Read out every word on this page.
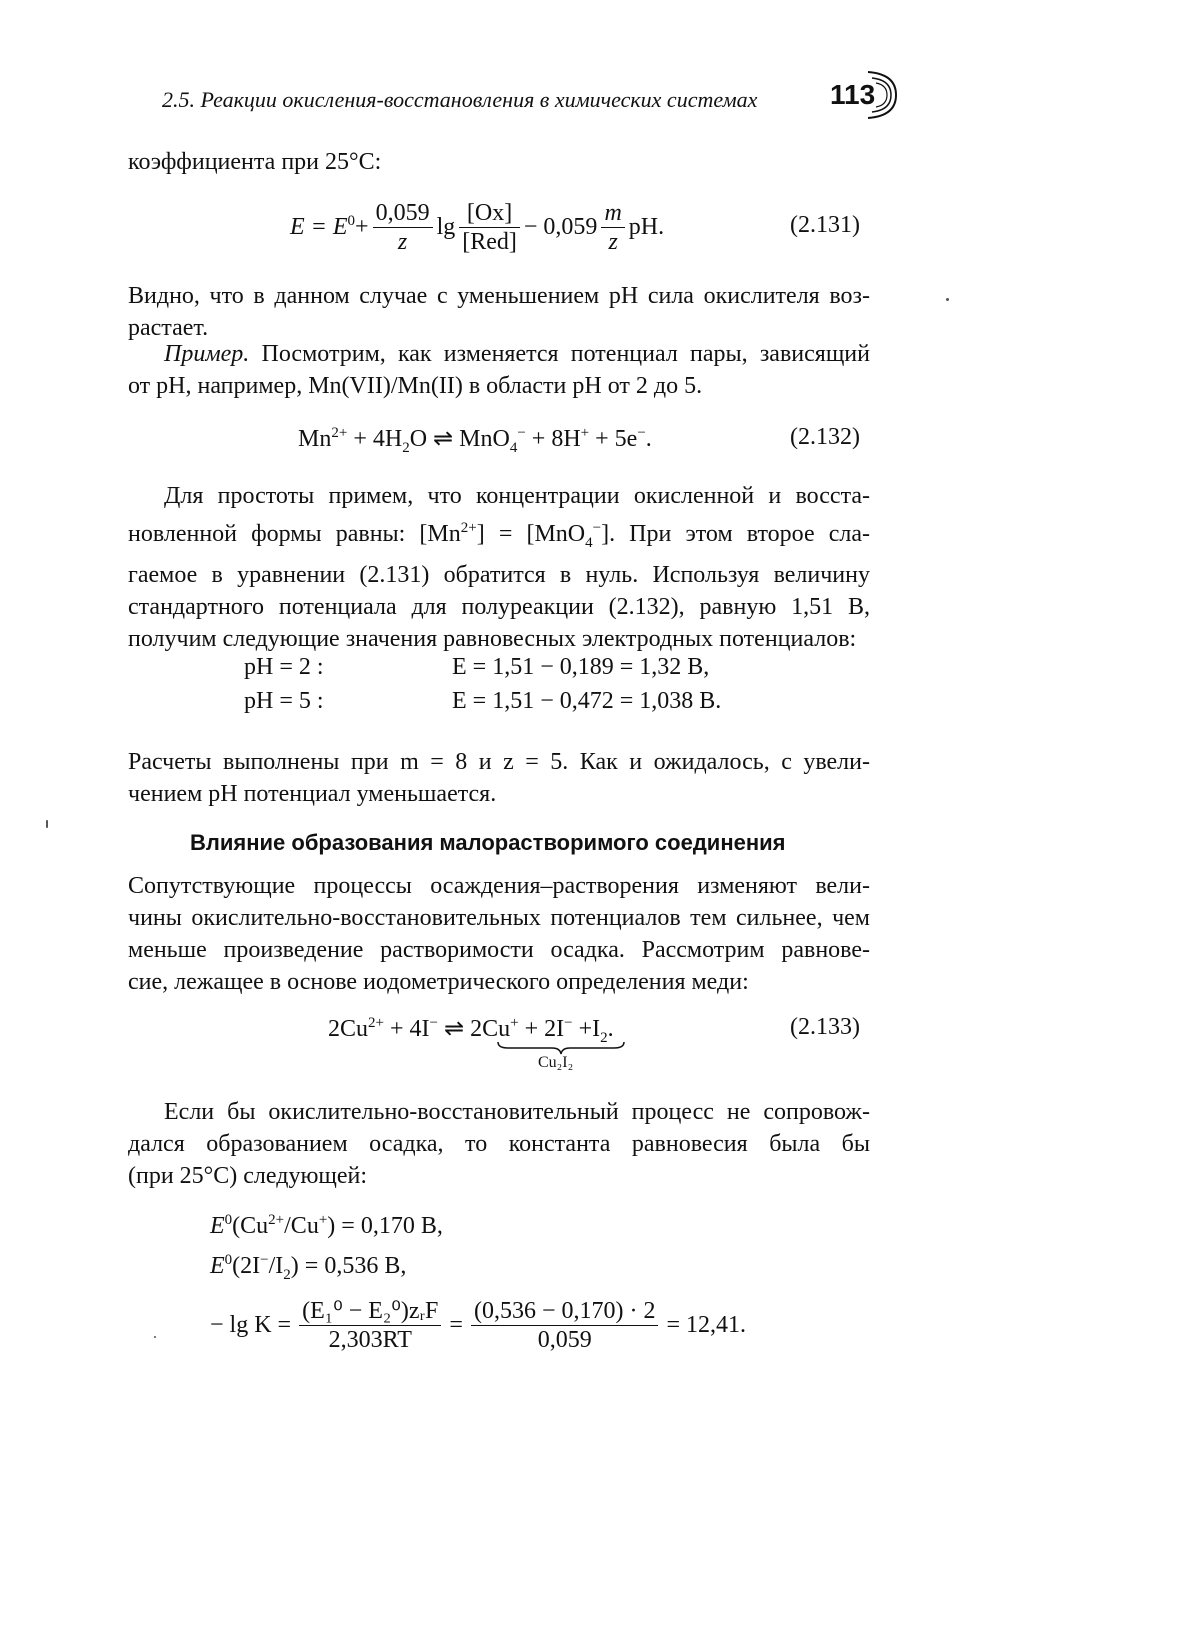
2.5. Реакции окисления-восстановления в химических системах	113
коэффициента при 25°С:
$E = E^0 + \frac{0,059}{z}$ $\lg \frac{[Ox]}{\text{[Red]}} - 0,059 \frac{m}{z}$ pH.	(2.131)
Видно, что в данном случае с уменьшением pH сила окислителя воз-
растает.
Пример. Посмотрим, как изменяется потенциал пары, зависящий
от pH, например, Mn(VII)/Mn(II) в области pH от 2 до 5.
$Mn^{2+} + 4H_2O$ ⇌ MnO$_4$− + 8H+ + 5e−.	(2.132)
Для простоты примем, что концентрации окисленной и восста-
новленной формы равны: $[Mn^{2+}] = [MnO_4^-]$. При этом второе сла-
гаемое в уравнении (2.131) обратится в нуль. Используя величину
стандартного потенциала для полуреакции (2.132), равную 1,51 В,
получим следующие значения равновесных электродных потенциалов:
pH = 2 :	E = 1,51 − 0,189 = 1,32 В,
pH = 5 :	E = 1,51 − 0,472 = 1,038 В.
Расчеты выполнены при m = 8 и z = 5. Как и ожидалось, с увели-
чением pH потенциал уменьшается.
Влияние образования малорастворимого соединения
Сопутствующие процессы осаждения–растворения изменяют вели-
чины окислительно-восстановительных потенциалов тем сильнее, чем
меньше произведение растворимости осадка. Рассмотрим равнове-
сие, лежащее в основе иодометрического определения меди:
$2Cu^{2+} + 4I^-$ ⇌ $2Cu^+ + 2I^- +I_2$.
Cu₂I₂
(2.133)
Если бы окислительно-восстановительный процесс не сопровож-
дался образованием осадка, то константа равновесия была бы
(при 25°С) следующей:
$E^0(Cu^{2+}/Cu^+) = 0,170$ В,
$E^0(2I^-/I_2) = 0,536$ В,
− $\lg K = \frac{\text{(E₁⁰ − E₂⁰)zᵣF}}{2,303RT} = \frac{(0,536 - 0,170) \cdot 2}{0,059} = 12,41$.
